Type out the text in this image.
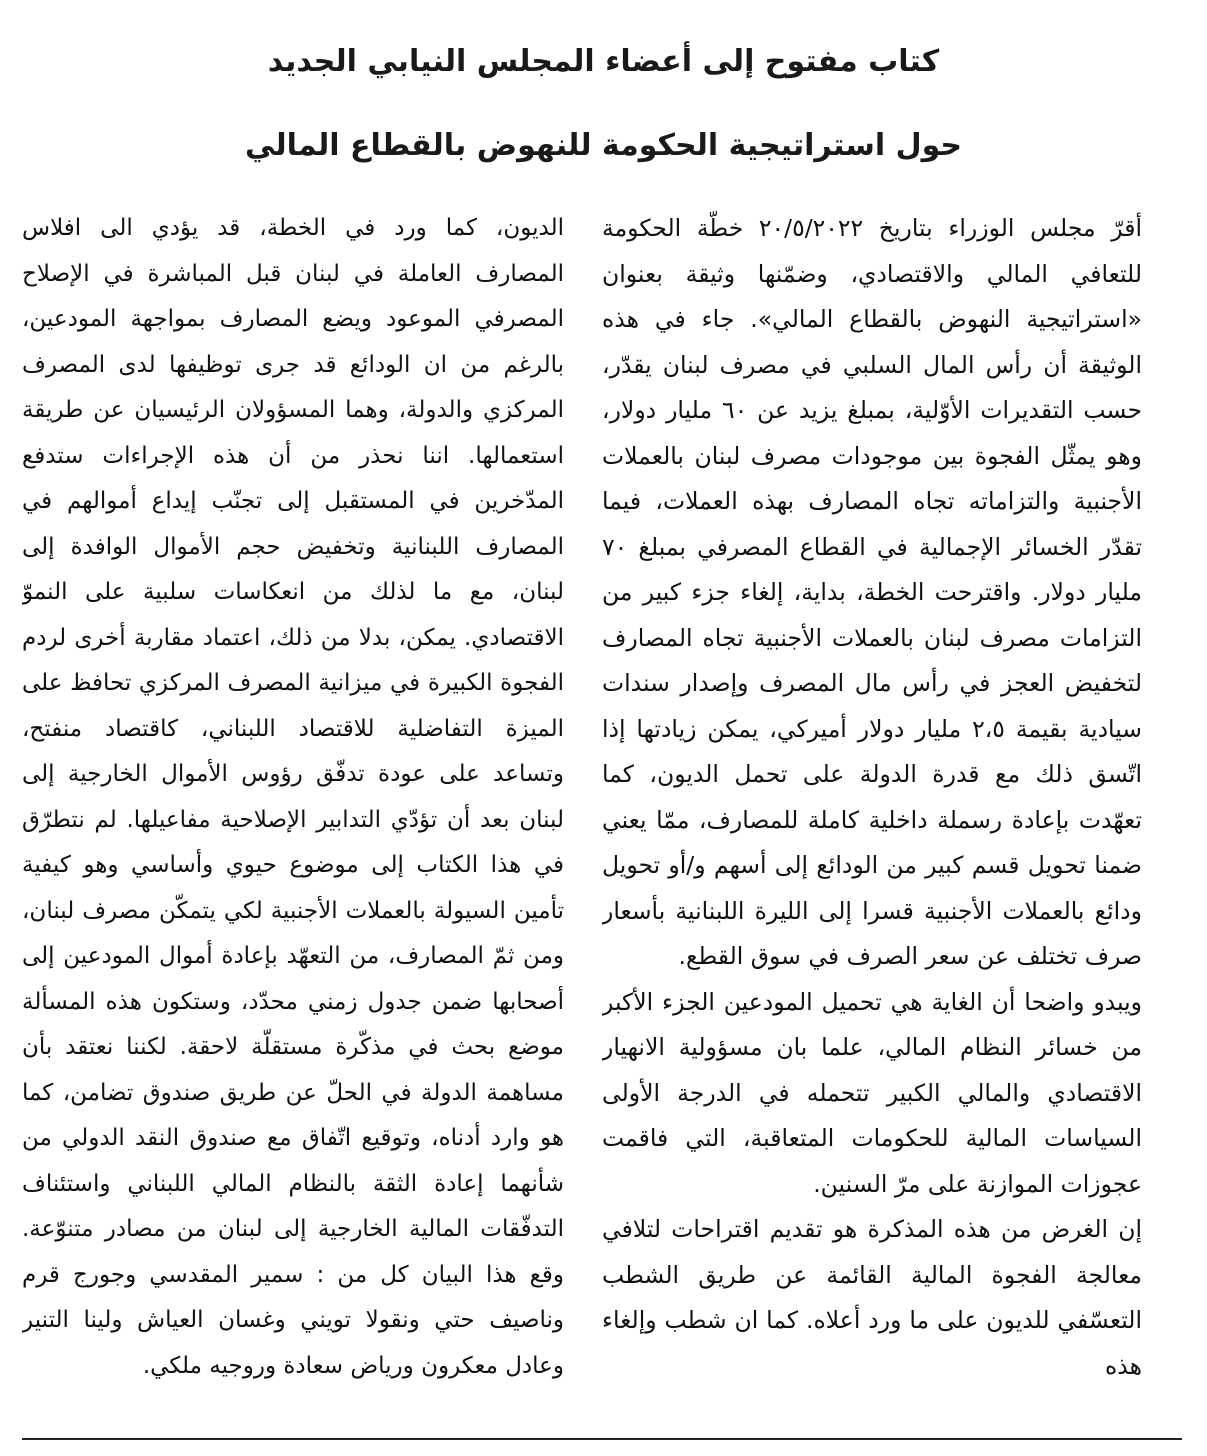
كتاب مفتوح إلى أعضاء المجلس النيابي الجديد
حول استراتيجية الحكومة للنهوض بالقطاع المالي

أقرّ مجلس الوزراء بتاريخ ٢٠/٥/٢٠٢٢ خطّة الحكومة للتعافي المالي والاقتصادي، وضمّنها وثيقة بعنوان «استراتيجية النهوض بالقطاع المالي». جاء في هذه الوثيقة أن رأس المال السلبي في مصرف لبنان يقدّر، حسب التقديرات الأوّلية، بمبلغ يزيد عن ٦٠ مليار دولار، وهو يمثّل الفجوة بين موجودات مصرف لبنان بالعملات الأجنبية والتزاماته تجاه المصارف بهذه العملات، فيما تقدّر الخسائر الإجمالية في القطاع المصرفي بمبلغ ٧٠ مليار دولار. واقترحت الخطة، بداية، إلغاء جزء كبير من التزامات مصرف لبنان بالعملات الأجنبية تجاه المصارف لتخفيض العجز في رأس مال المصرف وإصدار سندات سيادية بقيمة ٢،٥ مليار دولار أميركي، يمكن زيادتها إذا اتّسق ذلك مع قدرة الدولة على تحمل الديون، كما تعهّدت بإعادة رسملة داخلية كاملة للمصارف، ممّا يعني ضمنا تحويل قسم كبير من الودائع إلى أسهم و/أو تحويل ودائع بالعملات الأجنبية قسرا إلى الليرة اللبنانية بأسعار صرف تختلف عن سعر الصرف في سوق القطع.

ويبدو واضحا أن الغاية هي تحميل المودعين الجزء الأكبر من خسائر النظام المالي، علما بان مسؤولية الانهيار الاقتصادي والمالي الكبير تتحمله في الدرجة الأولى السياسات المالية للحكومات المتعاقبة، التي فاقمت عجوزات الموازنة على مرّ السنين.

إن الغرض من هذه المذكرة هو تقديم اقتراحات لتلافي معالجة الفجوة المالية القائمة عن طريق الشطب التعسّفي للديون على ما ورد أعلاه. كما ان شطب وإلغاء هذه

الديون، كما ورد في الخطة، قد يؤدي الى افلاس المصارف العاملة في لبنان قبل المباشرة في الإصلاح المصرفي الموعود ويضع المصارف بمواجهة المودعين، بالرغم من ان الودائع قد جرى توظيفها لدى المصرف المركزي والدولة، وهما المسؤولان الرئيسيان عن طريقة استعمالها. اننا نحذر من أن هذه الإجراءات ستدفع المدّخرين في المستقبل إلى تجنّب إيداع أموالهم في المصارف اللبنانية وتخفيض حجم الأموال الوافدة إلى لبنان، مع ما لذلك من انعكاسات سلبية على النموّ الاقتصادي. يمكن، بدلا من ذلك، اعتماد مقاربة أخرى لردم الفجوة الكبيرة في ميزانية المصرف المركزي تحافظ على الميزة التفاضلية للاقتصاد اللبناني، كاقتصاد منفتح، وتساعد على عودة تدفّق رؤوس الأموال الخارجية إلى لبنان بعد أن تؤدّي التدابير الإصلاحية مفاعيلها. لم نتطرّق في هذا الكتاب إلى موضوع حيوي وأساسي وهو كيفية تأمين السيولة بالعملات الأجنبية لكي يتمكّن مصرف لبنان، ومن ثمّ المصارف، من التعهّد بإعادة أموال المودعين إلى أصحابها ضمن جدول زمني محدّد، وستكون هذه المسألة موضع بحث في مذكّرة مستقلّة لاحقة. لكننا نعتقد بأن مساهمة الدولة في الحلّ عن طريق صندوق تضامن، كما هو وارد أدناه، وتوقيع اتّفاق مع صندوق النقد الدولي من شأنهما إعادة الثقة بالنظام المالي اللبناني واستئناف التدفّقات المالية الخارجية إلى لبنان من مصادر متنوّعة. وقع هذا البيان كل من : سمير المقدسي وجورج قرم وناصيف حتي ونقولا تويني وغسان العياش ولينا التنير وعادل معكرون ورياض سعادة وروجيه ملكي.
